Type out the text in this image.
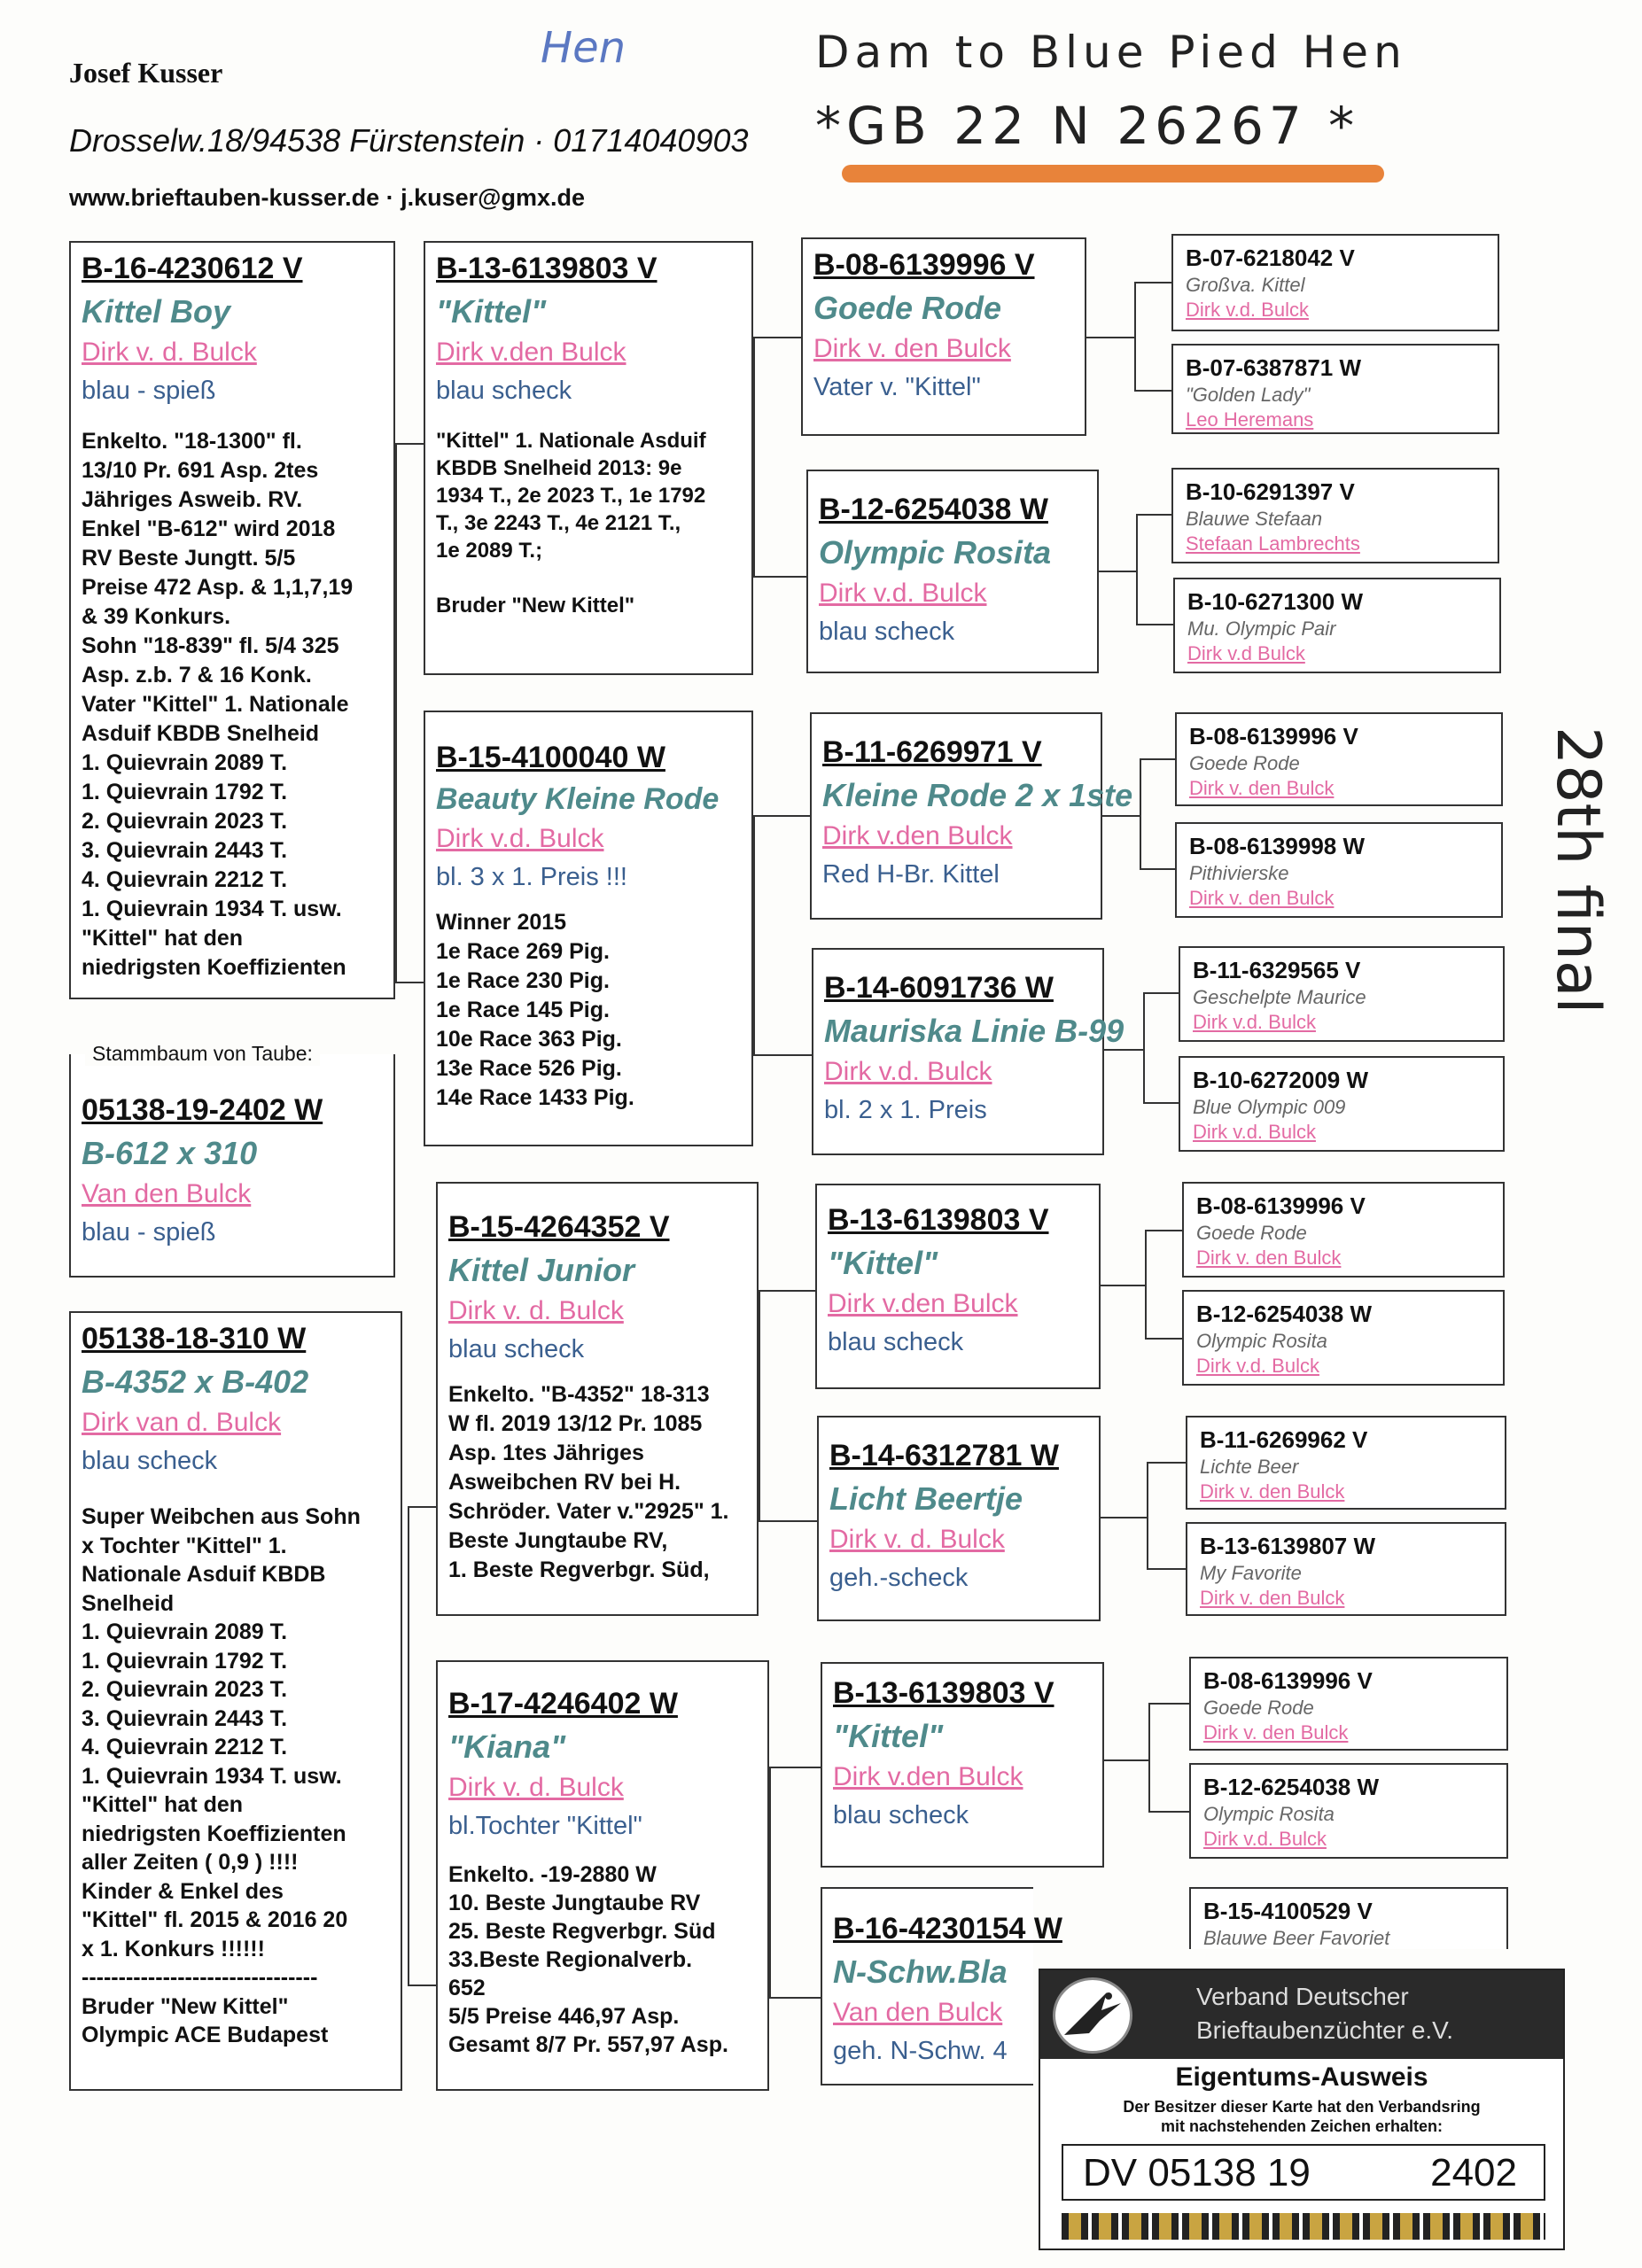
Josef Kusser
Drosselw.18/94538 Fürstenstein · 01714040903
www.brieftauben-kusser.de · j.kuser@gmx.de
Hen	Dam to Blue Pied Hen
*GB 22 N 26267 *
28th final
B-16-4230612 V
Kittel Boy
Dirk v. d. Bulck
blau - spieß
Enkelto. "18-1300" fl.
13/10 Pr. 691 Asp. 2tes
Jähriges Asweib. RV.
Enkel "B-612" wird 2018
RV Beste Jungtt. 5/5
Preise 472 Asp. & 1,1,7,19
& 39 Konkurs.
Sohn "18-839" fl. 5/4 325
Asp. z.b. 7 & 16 Konk.
Vater "Kittel" 1. Nationale
Asduif KBDB Snelheid
1. Quievrain 2089 T.
1. Quievrain 1792 T.
2. Quievrain 2023 T.
3. Quievrain 2443 T.
4. Quievrain 2212 T.
1. Quievrain 1934 T. usw.
"Kittel" hat den
niedrigsten Koeffizienten
05138-19-2402 W
B-612 x 310
Van den Bulck
blau - spieß
Stammbaum von Taube:
05138-18-310 W
B-4352 x B-402
Dirk van d. Bulck
blau scheck
Super Weibchen aus Sohn
x Tochter "Kittel" 1.
Nationale Asduif KBDB
Snelheid
1. Quievrain 2089 T.
1. Quievrain 1792 T.
2. Quievrain 2023 T.
3. Quievrain 2443 T.
4. Quievrain 2212 T.
1. Quievrain 1934 T. usw.
"Kittel" hat den
niedrigsten Koeffizienten
aller Zeiten ( 0,9 ) !!!!
Kinder & Enkel des
"Kittel" fl. 2015 & 2016 20
x 1. Konkurs !!!!!!
--------------------------------
Bruder "New Kittel"
Olympic ACE Budapest
B-13-6139803 V
"Kittel"
Dirk v.den Bulck
blau scheck
"Kittel" 1. Nationale Asduif
KBDB Snelheid 2013: 9e
1934 T., 2e 2023 T., 1e 1792
T., 3e 2243 T., 4e 2121 T.,
1e 2089 T.;
Bruder "New Kittel"
B-15-4100040 W
Beauty Kleine Rode
Dirk v.d. Bulck
bl. 3 x 1. Preis !!!
Winner 2015
1e Race 269 Pig.
1e Race 230 Pig.
1e Race 145 Pig.
10e Race 363 Pig.
13e Race 526 Pig.
14e Race 1433 Pig.
B-15-4264352 V
Kittel Junior
Dirk v. d. Bulck
blau scheck
Enkelto. "B-4352" 18-313
W fl. 2019 13/12 Pr. 1085
Asp. 1tes Jähriges
Asweibchen RV bei H.
Schröder. Vater v."2925" 1.
Beste Jungtaube RV,
1. Beste Regverbgr. Süd,
B-17-4246402 W
"Kiana"
Dirk v. d. Bulck
bl.Tochter "Kittel"
Enkelto. -19-2880 W
10. Beste Jungtaube RV
25. Beste Regverbgr. Süd
33.Beste Regionalverb.
652
5/5 Preise 446,97 Asp.
Gesamt 8/7 Pr. 557,97 Asp.
B-08-6139996 V
Goede Rode
Dirk v. den Bulck
Vater v. "Kittel"
B-12-6254038 W
Olympic Rosita
Dirk v.d. Bulck
blau scheck
B-11-6269971 V
Kleine Rode 2 x 1ste
Dirk v.den Bulck
Red H-Br. Kittel
B-14-6091736 W
Mauriska Linie B-99
Dirk v.d. Bulck
bl. 2 x 1. Preis
B-13-6139803 V
"Kittel"
Dirk v.den Bulck
blau scheck
B-14-6312781 W
Licht Beertje
Dirk v. d. Bulck
geh.-scheck
B-13-6139803 V
"Kittel"
Dirk v.den Bulck
blau scheck
B-16-4230154 W
N-Schw.Bla
Van den Bulck
geh. N-Schw. 4
B-07-6218042 V
Großva. Kittel
Dirk v.d. Bulck
B-07-6387871 W
"Golden Lady"
Leo Heremans
B-10-6291397 V
Blauwe Stefaan
Stefaan Lambrechts
B-10-6271300 W
Mu. Olympic Pair
Dirk v.d Bulck
B-08-6139996 V
Goede Rode
Dirk v. den Bulck
B-08-6139998 W
Pithivierske
Dirk v. den Bulck
B-11-6329565 V
Geschelpte Maurice
Dirk v.d. Bulck
B-10-6272009 W
Blue Olympic 009
Dirk v.d. Bulck
B-08-6139996 V
Goede Rode
Dirk v. den Bulck
B-12-6254038 W
Olympic Rosita
Dirk v.d. Bulck
B-11-6269962 V
Lichte Beer
Dirk v. den Bulck
B-13-6139807 W
My Favorite
Dirk v. den Bulck
B-08-6139996 V
Goede Rode
Dirk v. den Bulck
B-12-6254038 W
Olympic Rosita
Dirk v.d. Bulck
B-15-4100529 V
Blauwe Beer Favoriet
Verband Deutscher
Brieftaubenzüchter e.V.
Eigentums-Ausweis
Der Besitzer dieser Karte hat den Verbandsring
mit nachstehenden Zeichen erhalten:
DV 05138 19	2402
